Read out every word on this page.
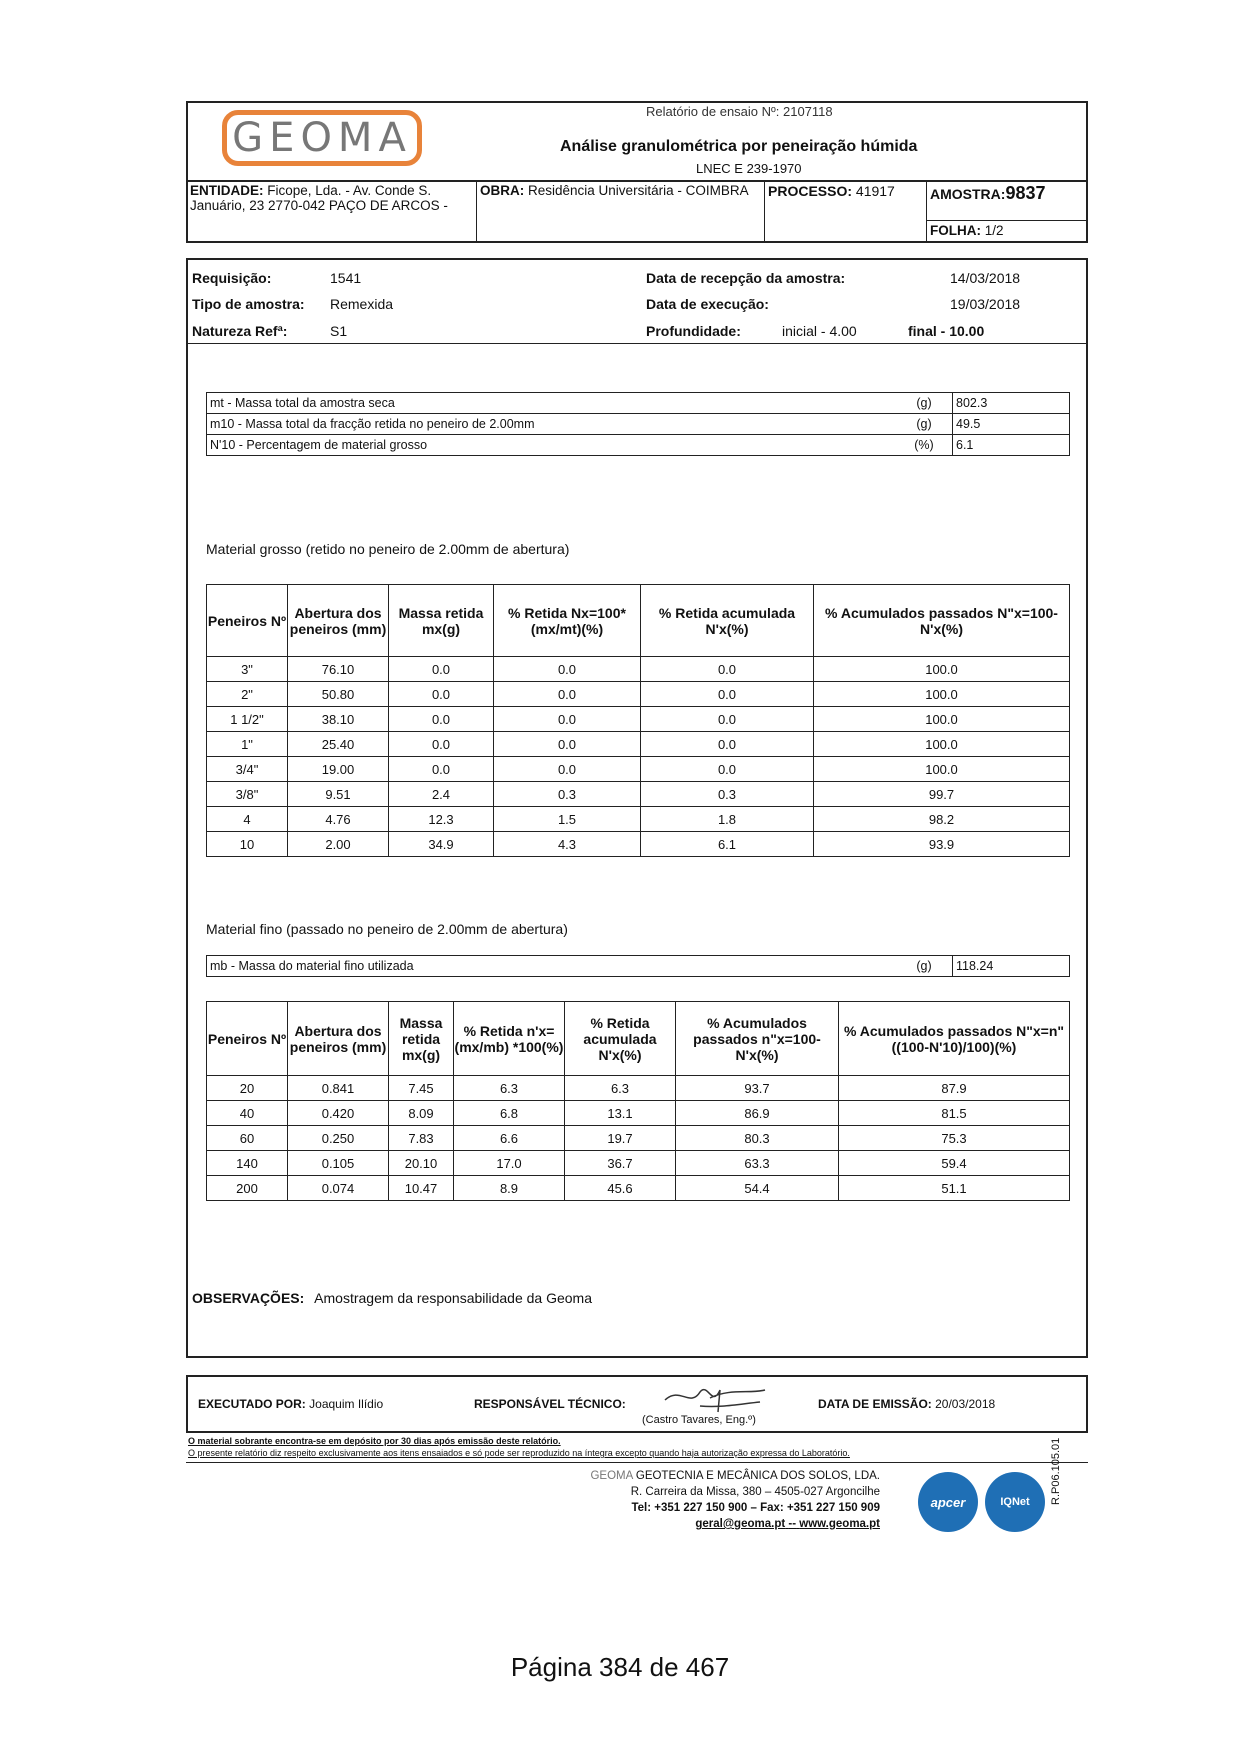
GEOMA
Relatório de ensaio Nº: 2107118
Análise granulométrica por peneiração húmida
LNEC E 239-1970
ENTIDADE: Ficope, Lda. - Av. Conde S. Januário, 23 2770-042 PAÇO DE ARCOS -
OBRA: Residência Universitária - COIMBRA	PROCESSO: 41917	AMOSTRA:9837
FOLHA: 1/2
Requisição:	1541
Tipo de amostra: Remexida
Natureza Refª:	S1
Data de recepção da amostra:	14/03/2018
Data de execução:	19/03/2018
Profundidade:	inicial - 4.00	final - 10.00
mt - Massa total da amostra seca	(g)	802.3
m10 - Massa total da fracção retida no peneiro de 2.00mm	(g)	49.5
N'10 - Percentagem de material grosso	(%)	6.1
Material grosso (retido no peneiro de 2.00mm de abertura)
Peneiros Nº	Abertura dos peneiros (mm)	Massa retida mx(g)	% Retida Nx=100*(mx/mt)(%)	% Retida acumulada N'x(%)	% Acumulados passados N"x=100-N'x(%)
3"	76.10	0.0	0.0	0.0	100.0
2"	50.80	0.0	0.0	0.0	100.0
1 1/2"	38.10	0.0	0.0	0.0	100.0
1"	25.40	0.0	0.0	0.0	100.0
3/4"	19.00	0.0	0.0	0.0	100.0
3/8"	9.51	2.4	0.3	0.3	99.7
4	4.76	12.3	1.5	1.8	98.2
10	2.00	34.9	4.3	6.1	93.9
Material fino (passado no peneiro de 2.00mm de abertura)
mb - Massa do material fino utilizada	(g)	118.24
Peneiros Nº	Abertura dos peneiros (mm)	Massa retida mx(g)	% Retida n'x=(mx/mb) *100(%)	% Retida acumulada N'x(%)	% Acumulados passados n"x=100-N'x(%)	% Acumulados passados N"x=n"((100-N'10)/100)(%)
20	0.841	7.45	6.3	6.3	93.7	87.9
40	0.420	8.09	6.8	13.1	86.9	81.5
60	0.250	7.83	6.6	19.7	80.3	75.3
140	0.105	20.10	17.0	36.7	63.3	59.4
200	0.074	10.47	8.9	45.6	54.4	51.1
OBSERVAÇÕES: Amostragem da responsabilidade da Geoma
EXECUTADO POR: Joaquim Ilídio	RESPONSÁVEL TÉCNICO:
(Castro Tavares, Eng.º)
DATA DE EMISSÃO: 20/03/2018
O material sobrante encontra-se em depósito por 30 dias após emissão deste relatório.
O presente relatório diz respeito exclusivamente aos itens ensaiados e só pode ser reproduzido na íntegra excepto quando haja autorização expressa do Laboratório.
GEOMA GEOTECNIA E MECÂNICA DOS SOLOS, LDA.
R. Carreira da Missa, 380 – 4505-027 Argoncilhe
Tel: +351 227 150 900 – Fax: +351 227 150 909
geral@geoma.pt -- www.geoma.pt
apcer	IQNet R.P06.105.01
Página 384 de 467
